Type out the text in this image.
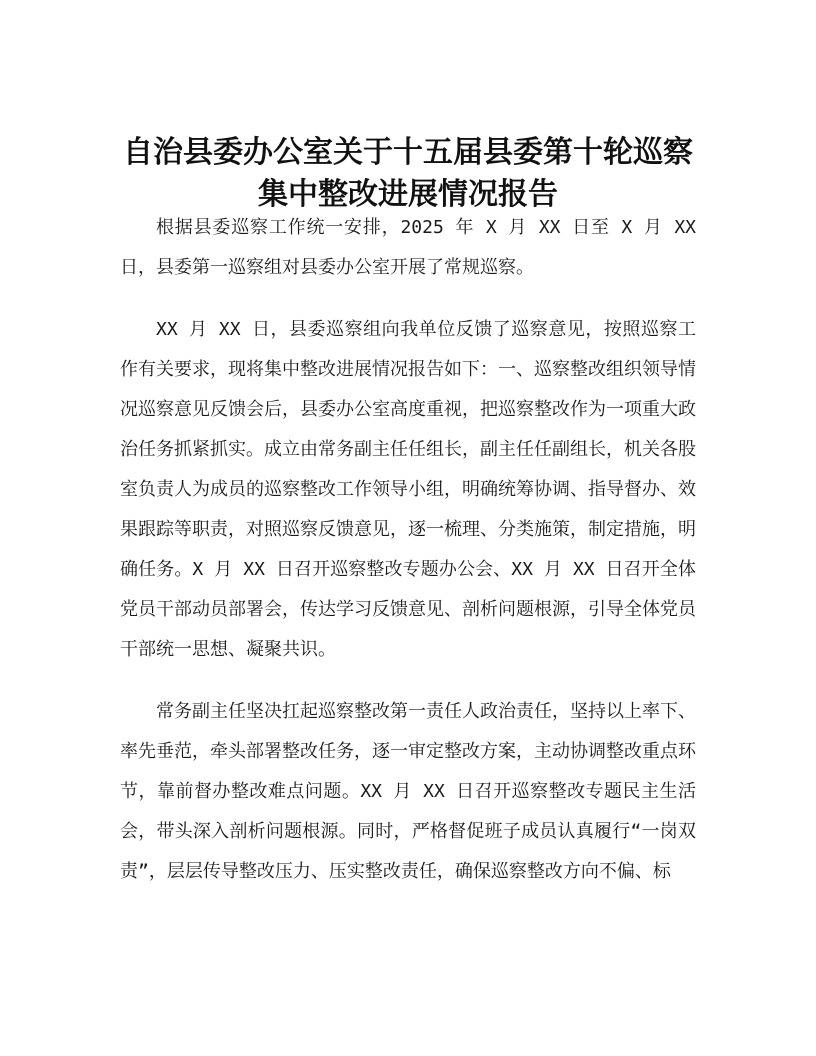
自治县委办公室关于十五届县委第十轮巡察
集中整改进展情况报告

根据县委巡察工作统一安排，2025 年 X 月 XX 日至 X 月 XX 日，县委第一巡察组对县委办公室开展了常规巡察。

XX 月 XX 日，县委巡察组向我单位反馈了巡察意见，按照巡察工作有关要求，现将集中整改进展情况报告如下：一、巡察整改组织领导情况巡察意见反馈会后，县委办公室高度重视，把巡察整改作为一项重大政治任务抓紧抓实。成立由常务副主任任组长，副主任任副组长，机关各股室负责人为成员的巡察整改工作领导小组，明确统筹协调、指导督办、效果跟踪等职责，对照巡察反馈意见，逐一梳理、分类施策，制定措施，明确任务。X 月 XX 日召开巡察整改专题办公会、XX 月 XX 日召开全体党员干部动员部署会，传达学习反馈意见、剖析问题根源，引导全体党员干部统一思想、凝聚共识。

常务副主任坚决扛起巡察整改第一责任人政治责任，坚持以上率下、率先垂范，牵头部署整改任务，逐一审定整改方案，主动协调整改重点环节，靠前督办整改难点问题。XX 月 XX 日召开巡察整改专题民主生活会，带头深入剖析问题根源。同时，严格督促班子成员认真履行“一岗双责”，层层传导整改压力、压实整改责任，确保巡察整改方向不偏、标
